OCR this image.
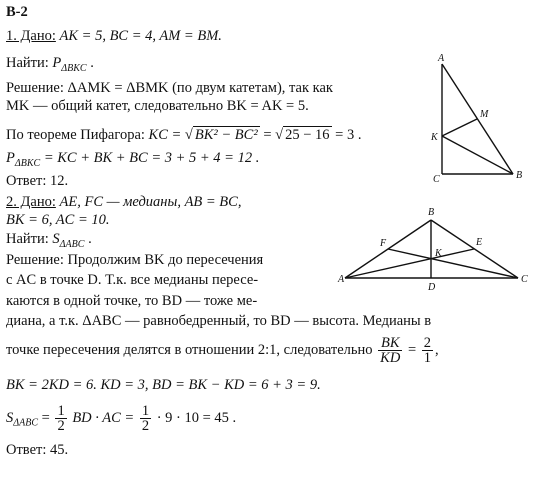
В-2
1. Дано: AK = 5, BC = 4, AM = BM.
Найти: $P_{\Delta BKC}$ .
Решение: ΔAMK = ΔBMK (по двум катетам), так как
MK — общий катет, следовательно BK = AK = 5.
По теореме Пифагора: KC = √ BK² − BC² = √ 25 − 16 = 3 .
$P_{\Delta BKC}$ = KC + BK + BC = 3 + 5 + 4 = 12 .
Ответ: 12.
A
M
K
C	B
2. Дано: AE, FC — медианы, AB = BC,
BK = 6, AC = 10.
Найти: $S_{\Delta ABC}$ .
Решение: Продолжим BK до пересечения
с AC в точке D. Т.к. все медианы пересе-
каются в одной точке, то BD — тоже ме-
диана, а т.к. ΔABC — равнобедренный, то BD — высота. Медианы в
точке пересечения делятся в отношении 2:1, следовательно $\frac{BK}{KD} = \frac{2}{1}$ ,
BK = 2KD = 6. KD = 3, BD = BK − KD = 6 + 3 = 9.
$S_{\Delta ABC} = \frac{1}{2}$ BD · AC = $\frac{1}{2} \cdot 9 \cdot 10 = 45$ .
Ответ: 45.
B
F	E
K
A
D
C
